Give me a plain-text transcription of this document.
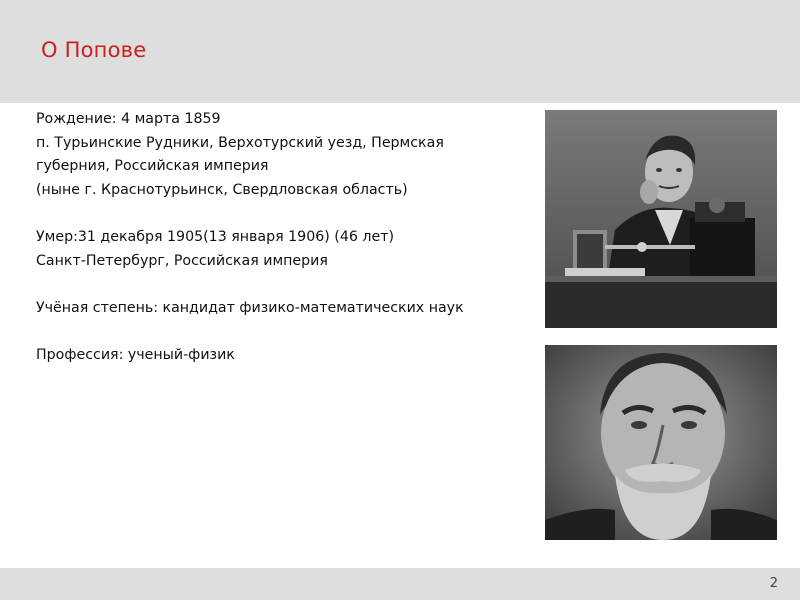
О Попове
Рождение: 4 марта 1859
п. Турьинские Рудники, Верхотурский уезд, Пермская
губерния, Российская империя
(ныне г. Краснотурьинск, Свердловская область)
Умер:31 декабря 1905(13 января 1906) (46 лет)
Санкт-Петербург, Российская империя
Учёная степень: кандидат физико-математических наук
Профессия: ученый-физик
2
